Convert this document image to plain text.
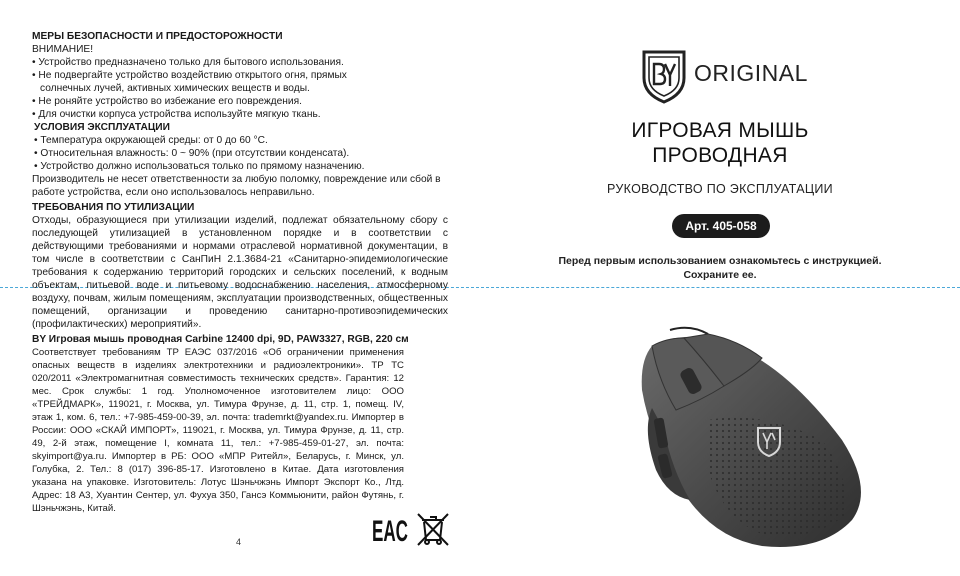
МЕРЫ БЕЗОПАСНОСТИ И ПРЕДОСТОРОЖНОСТИ

ВНИМАНИЕ!

• Устройство предназначено только для бытового использования.

• Не подвергайте устройство воздействию открытого огня, прямых

солнечных лучей, активных химических веществ и воды.

• Не роняйте устройство во избежание его повреждения.

• Для очистки корпуса устройства используйте мягкую ткань.

УСЛОВИЯ ЭКСПЛУАТАЦИИ

• Температура окружающей среды: от 0 до 60 °С.

• Относительная влажность: 0 ~ 90% (при отсутствии конденсата).

• Устройство должно использоваться только по прямому назначению.

Производитель не несет ответственности за любую поломку, повреждение или сбой в работе устройства, если оно использовалось неправильно.

ТРЕБОВАНИЯ ПО УТИЛИЗАЦИИ

Отходы, образующиеся при утилизации изделий, подлежат обязательному сбору с последующей утилизацией в установленном порядке и в соответствии с действующими требованиями и нормами отраслевой нормативной документации, в том числе в соответствии с СанПиН 2.1.3684-21 «Санитарно-эпидемиологические требования к содержанию территорий городских и сельских поселений, к водным объектам, питьевой воде и питьевому водоснабжению населения, атмосферному воздуху, почвам, жилым помещениям, эксплуатации производственных, общественных помещений, организации и проведению санитарно-противоэпидемических (профилактических) мероприятий».

BY Игровая мышь проводная Carbine 12400 dpi, 9D, PAW3327, RGB, 220 см

Соответствует требованиям ТР ЕАЭС 037/2016 «Об ограничении применения опасных веществ в изделиях электротехники и радиоэлектроники». ТР ТС 020/2011 «Электромагнитная совместимость технических средств». Гарантия: 12 мес. Срок службы: 1 год. Уполномоченное изготовителем лицо: ООО «ТРЕЙДМАРК», 119021, г. Москва, ул. Тимура Фрунзе, д. 11, стр. 1, помещ. IV, этаж 1, ком. 6, тел.: +7-985-459-00-39, эл. почта: trademrkt@yandex.ru. Импортер в России: ООО «СКАЙ ИМПОРТ», 119021, г. Москва, ул. Тимура Фрунзе, д. 11, стр. 49, 2-й этаж, помещение I, комната 11, тел.: +7-985-459-01-27, эл. почта: skyimport@ya.ru. Импортер в РБ: ООО «МПР Ритейл», Беларусь, г. Минск, ул. Голубка, 2. Тел.: 8 (017) 396-85-17. Изготовлено в Китае. Дата изготовления указана на упаковке. Изготовитель: Лотус Шэньчжэнь Импорт Экспорт Ко., Лтд. Адрес: 18 А3, Хуантин Сентер, ул. Фухуа 350, Гансэ Коммьюнити, район Футянь, г. Шэньчжэнь, Китай.

4	EAC
ORIGINAL
ИГРОВАЯ МЫШЬ
ПРОВОДНАЯ
РУКОВОДСТВО ПО ЭКСПЛУАТАЦИИ
Арт. 405-058
Перед первым использованием ознакомьтесь с инструкцией.
Сохраните ее.
